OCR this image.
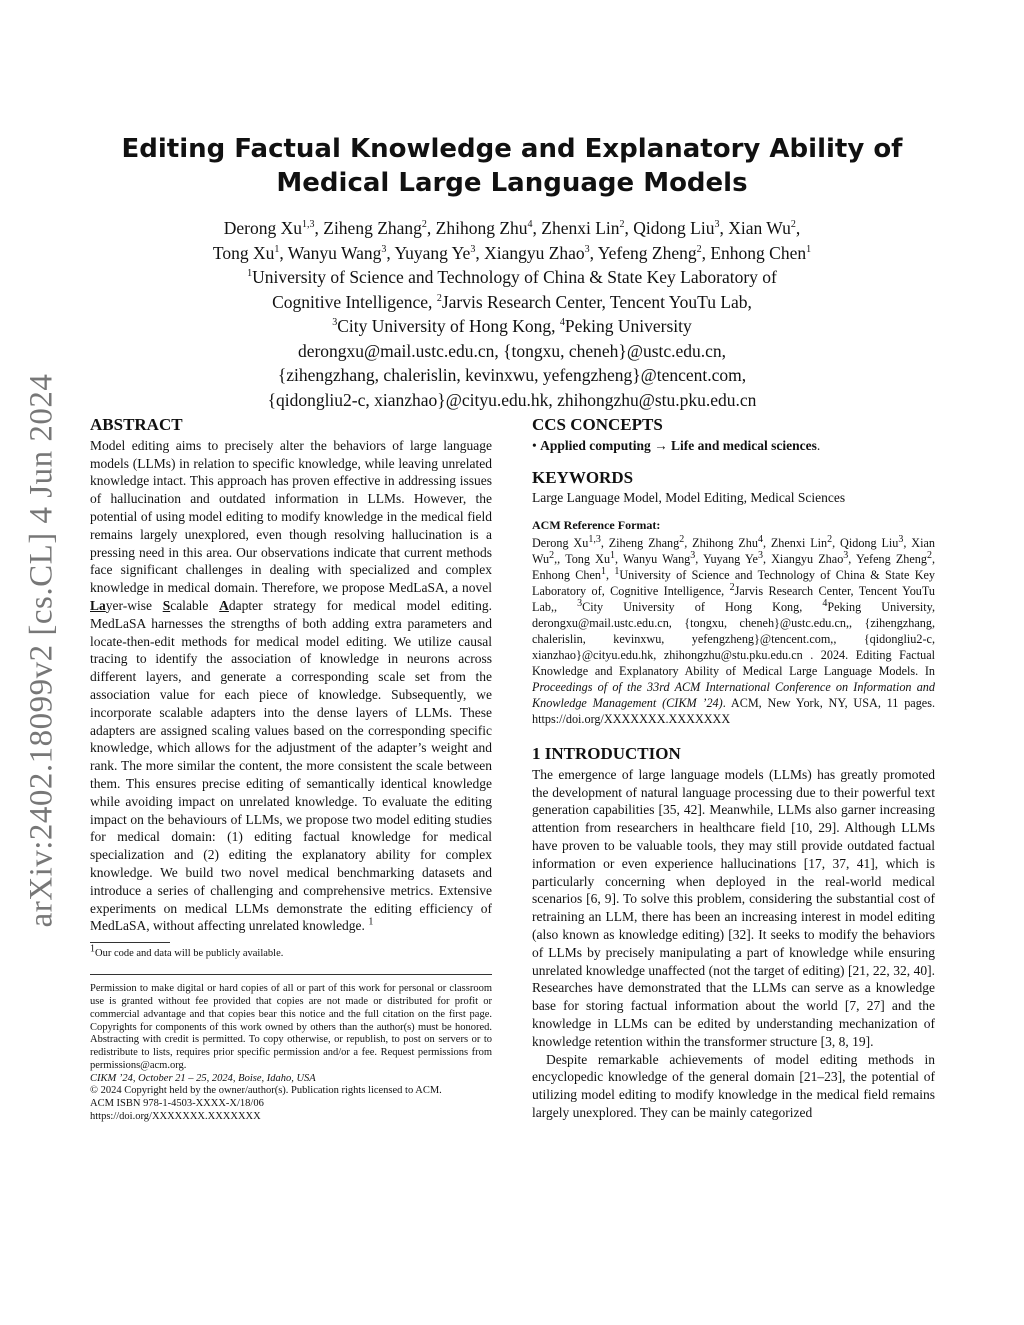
arXiv:2402.18099v2 [cs.CL] 4 Jun 2024
Editing Factual Knowledge and Explanatory Ability of Medical Large Language Models
Derong Xu$^{1,3}$, Ziheng Zhang$^2$, Zhihong Zhu$^4$, Zhenxi Lin$^2$, Qidong Liu$^3$, Xian Wu$^2$,
Tong Xu$^1$, Wanyu Wang$^3$, Yuyang Ye$^3$, Xiangyu Zhao$^3$, Yefeng Zheng$^2$, Enhong Chen$^1$
$^1$University of Science and Technology of China & State Key Laboratory of
Cognitive Intelligence, $^2$Jarvis Research Center, Tencent YouTu Lab,
$^3$City University of Hong Kong, $^4$Peking University
derongxu@mail.ustc.edu.cn, {tongxu, cheneh}@ustc.edu.cn,
{zihengzhang, chalerislin, kevinxwu, yefengzheng}@tencent.com,
{qidongliu2-c, xianzhao}@cityu.edu.hk, zhihongzhu@stu.pku.edu.cn
ABSTRACT

Model editing aims to precisely alter the behaviors of large language models (LLMs) in relation to specific knowledge, while leaving unrelated knowledge intact. This approach has proven effective in addressing issues of hallucination and outdated information in LLMs. However, the potential of using model editing to modify knowledge in the medical field remains largely unexplored, even though resolving hallucination is a pressing need in this area. Our observations indicate that current methods face significant challenges in dealing with specialized and complex knowledge in medical domain. Therefore, we propose MedLaSA, a novel Layer-wise Scalable Adapter strategy for medical model editing. MedLaSA harnesses the strengths of both adding extra parameters and locate-then-edit methods for medical model editing. We utilize causal tracing to identify the association of knowledge in neurons across different layers, and generate a corresponding scale set from the association value for each piece of knowledge. Subsequently, we incorporate scalable adapters into the dense layers of LLMs. These adapters are assigned scaling values based on the corresponding specific knowledge, which allows for the adjustment of the adapter’s weight and rank. The more similar the content, the more consistent the scale between them. This ensures precise editing of semantically identical knowledge while avoiding impact on unrelated knowledge. To evaluate the editing impact on the behaviours of LLMs, we propose two model editing studies for medical domain: (1) editing factual knowledge for medical specialization and (2) editing the explanatory ability for complex knowledge. We build two novel medical benchmarking datasets and introduce a series of challenging and comprehensive metrics. Extensive experiments on medical LLMs demonstrate the editing efficiency of MedLaSA, without affecting unrelated knowledge. $^1$

$^1$Our code and data will be publicly available.

Permission to make digital or hard copies of all or part of this work for personal or classroom use is granted without fee provided that copies are not made or distributed for profit or commercial advantage and that copies bear this notice and the full citation on the first page. Copyrights for components of this work owned by others than the author(s) must be honored. Abstracting with credit is permitted. To copy otherwise, or republish, to post on servers or to redistribute to lists, requires prior specific permission and/or a fee. Request permissions from permissions@acm.org.

CIKM ’24, October 21 – 25, 2024, Boise, Idaho, USA

© 2024 Copyright held by the owner/author(s). Publication rights licensed to ACM.

ACM ISBN 978-1-4503-XXXX-X/18/06

https://doi.org/XXXXXXX.XXXXXXX

CCS CONCEPTS

• Applied computing → Life and medical sciences.

KEYWORDS

Large Language Model, Model Editing, Medical Sciences

ACM Reference Format:

Derong Xu$^{1,3}$, Ziheng Zhang$^2$, Zhihong Zhu$^4$, Zhenxi Lin$^2$, Qidong Liu$^3$, Xian Wu$^2$,, Tong Xu$^1$, Wanyu Wang$^3$, Yuyang Ye$^3$, Xiangyu Zhao$^3$, Yefeng Zheng$^2$, Enhong Chen$^1$, $^1$University of Science and Technology of China & State Key Laboratory of, Cognitive Intelligence, $^2$Jarvis Research Center, Tencent YouTu Lab,, $^3$City University of Hong Kong, $^4$Peking University, derongxu@mail.ustc.edu.cn, {tongxu, cheneh}@ustc.edu.cn,, {zihengzhang, chalerislin, kevinxwu, yefengzheng}@tencent.com,, {qidongliu2-c, xianzhao}@cityu.edu.hk, zhihongzhu@stu.pku.edu.cn . 2024. Editing Factual Knowledge and Explanatory Ability of Medical Large Language Models. In Proceedings of of the 33rd ACM International Conference on Information and Knowledge Management (CIKM ’24). ACM, New York, NY, USA, 11 pages. https://doi.org/XXXXXXX.XXXXXXX

1 INTRODUCTION

The emergence of large language models (LLMs) has greatly promoted the development of natural language processing due to their powerful text generation capabilities [35, 42]. Meanwhile, LLMs also garner increasing attention from researchers in healthcare field [10, 29]. Although LLMs have proven to be valuable tools, they may still provide outdated factual information or even experience hallucinations [17, 37, 41], which is particularly concerning when deployed in the real-world medical scenarios [6, 9]. To solve this problem, considering the substantial cost of retraining an LLM, there has been an increasing interest in model editing (also known as knowledge editing) [32]. It seeks to modify the behaviors of LLMs by precisely manipulating a part of knowledge while ensuring unrelated knowledge unaffected (not the target of editing) [21, 22, 32, 40]. Researches have demonstrated that the LLMs can serve as a knowledge base for storing factual information about the world [7, 27] and the knowledge in LLMs can be edited by understanding mechanization of knowledge retention within the transformer structure [3, 8, 19].

Despite remarkable achievements of model editing methods in encyclopedic knowledge of the general domain [21–23], the potential of utilizing model editing to modify knowledge in the medical field remains largely unexplored. They can be mainly categorized
